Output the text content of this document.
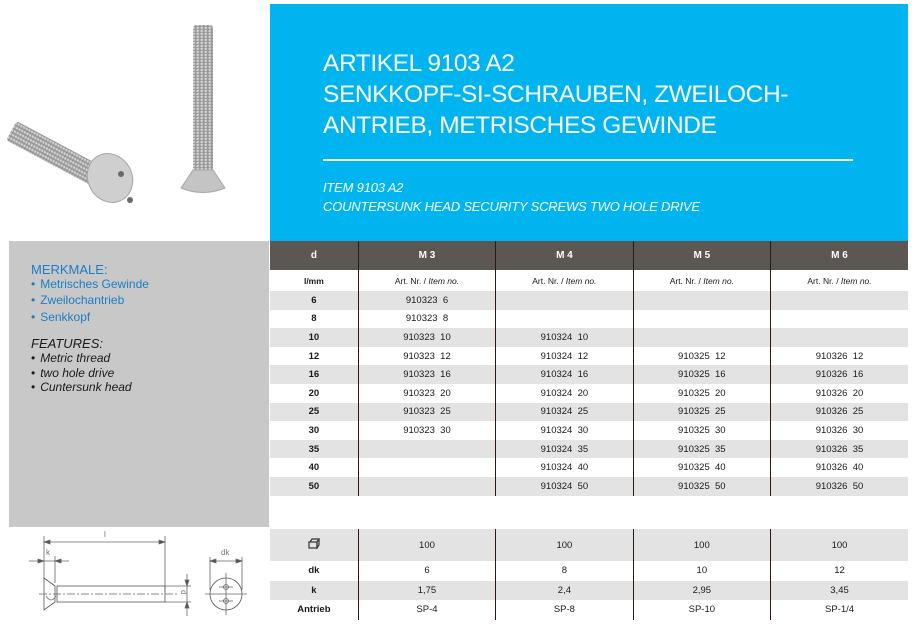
ARTIKEL 9103 A2
SENKKOPF-SI-SCHRAUBEN, ZWEILOCH-
ANTRIEB, METRISCHES GEWINDE
ITEM 9103 A2
COUNTERSUNK HEAD SECURITY SCREWS TWO HOLE DRIVE
MERKMALE:
• Metrisches Gewinde
• Zweilochantrieb
• Senkkopf
FEATURES:
• Metric thread
• two hole drive
• Cuntersunk head
l
k
d
dk
d	M 3	M 4	M 5	M 6
l/mm	Art. Nr. / Item no.	Art. Nr. / Item no.	Art. Nr. / Item no.	Art. Nr. / Item no.
6	910323  6			
8	910323  8			
10	910323  10	910324  10		
12	910323  12	910324  12	910325  12	910326  12
16	910323  16	910324  16	910325  16	910326  16
20	910323  20	910324  20	910325  20	910326  20
25	910323  25	910324  25	910325  25	910326  25
30	910323  30	910324  30	910325  30	910326  30
35		910324  35	910325  35	910326  35
40		910324  40	910325  40	910326  40
50		910324  50	910325  50	910326  50
	100	100	100	100
dk	6	8	10	12
k	1,75	2,4	2,95	3,45
Antrieb	SP-4	SP-8	SP-10	SP-1/4
